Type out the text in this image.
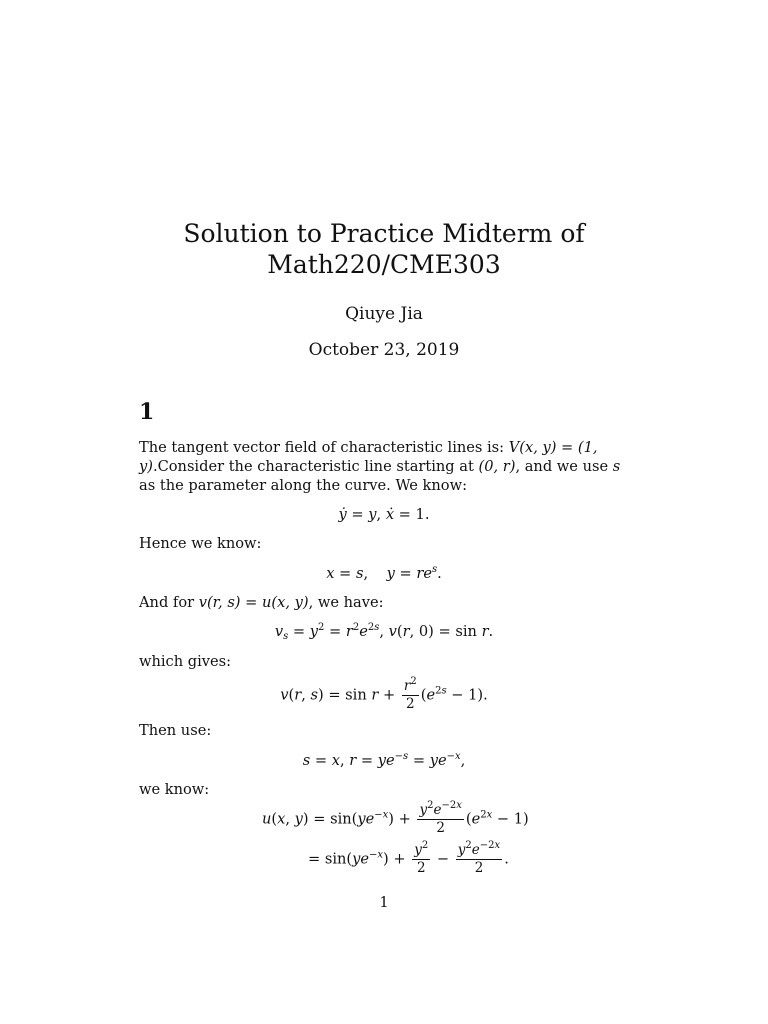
Solution to Practice Midterm of
Math220/CME303
Qiuye Jia
October 23, 2019
1
The tangent vector field of characteristic lines is: V(x, y) = (1, y).Consider the characteristic line starting at (0, r), and we use s as the parameter along the curve. We know:
ẏ = y, ẋ = 1.
Hence we know:
x = s,    $y = re^s$.
And for v(r, s) = u(x, y), we have:
$v_s = y^2 = r^2e^{2s}$, v(r, 0) = sin r.
which gives:
v(r, $s) = \sin r + \frac{r^2}{2} (e^{2s} - 1)$.
Then use:
s = x, $r = ye^{-s} = ye^{-x}$,
we know:
u(x, $y) = \sin(ye^{-x}) + \frac{y^2e^{-2x}}{2} (e^{2x} - 1)$
= $\sin(ye^{-x}) + \frac{y^2}{2} - \frac{y^2e^{-2x}}{2}$ .
1
